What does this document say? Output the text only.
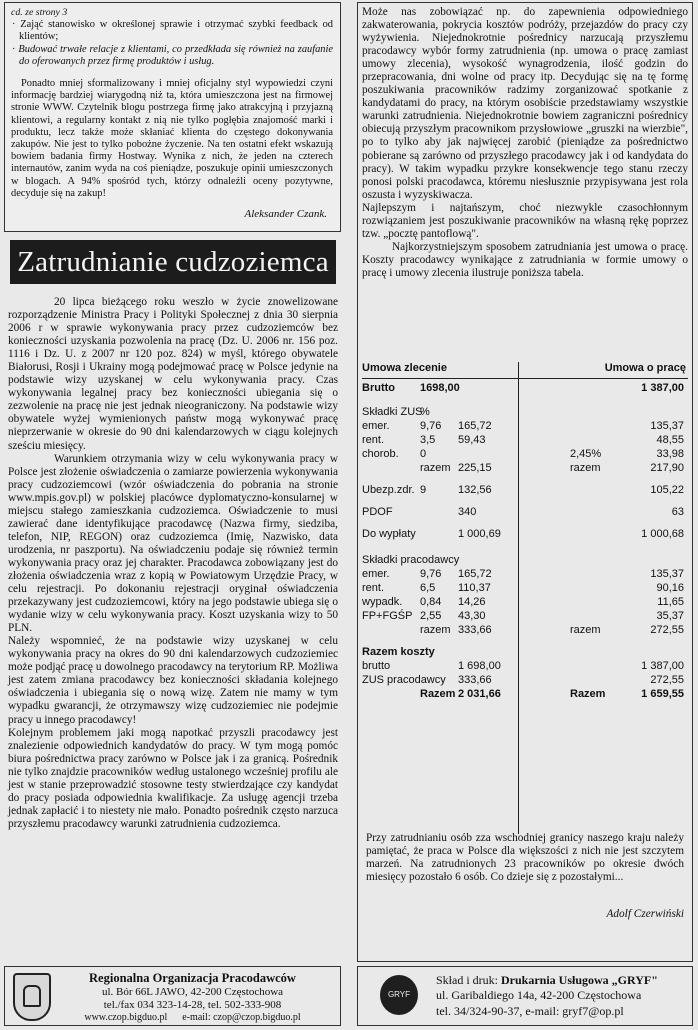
cd. ze strony 3

· Zająć stanowisko w określonej sprawie i otrzymać szybki feedback od klientów;

· Budować trwałe relacje z klientami, co przedkłada się również na zaufanie do oferowanych przez firmę produktów i usług.

Ponadto mniej sformalizowany i mniej oficjalny styl wypowiedzi czyni informację bardziej wiarygodną niż ta, która umieszczona jest na firmowej stronie WWW. Czytelnik blogu postrzega firmę jako atrakcyjną i przyjazną klientowi, a regularny kontakt z nią nie tylko pogłębia znajomość marki i produktu, lecz także może skłaniać klienta do częstego dokonywania zakupów. Nie jest to tylko pobożne życzenie. Na ten ostatni efekt wskazują bowiem badania firmy Hostway. Wynika z nich, że jeden na czterech internautów, zanim wyda na coś pieniądze, poszukuje opinii umieszczonych w blogach. A 94% spośród tych, którzy odnaleźli oceny pozytywne, decyduje się na zakup!

Aleksander Czank.

Zatrudnianie cudzoziemca

20 lipca bieżącego roku weszło w życie znowelizowane rozporządzenie Ministra Pracy i Polityki Społecznej z dnia 30 sierpnia 2006 r w sprawie wykonywania pracy przez cudzoziemców bez konieczności uzyskania pozwolenia na pracę (Dz. U. 2006 nr. 156 poz. 1116 i Dz. U. z 2007 nr 120 poz. 824) w myśl, którego obywatele Białorusi, Rosji i Ukrainy mogą podejmować pracę w Polsce jedynie na podstawie wizy uzyskanej w celu wykonywania pracy. Czas wykonywania legalnej pracy bez konieczności ubiegania się o zezwolenie na pracę nie jest jednak nieograniczony. Na podstawie wizy obywatele wyżej wymienionych państw mogą wykonywać pracę nieprzerwanie w okresie do 90 dni kalendarzowych w ciągu kolejnych sześciu miesięcy.

Warunkiem otrzymania wizy w celu wykonywania pracy w Polsce jest złożenie oświadczenia o zamiarze powierzenia wykonywania pracy cudzoziemcowi (wzór oświadczenia do pobrania na stronie www.mpis.gov.pl) w polskiej placówce dyplomatyczno-konsularnej w miejscu stałego zamieszkania cudzoziemca. Oświadczenie to musi zawierać dane identyfikujące pracodawcę (Nazwa firmy, siedziba, telefon, NIP, REGON) oraz cudzoziemca (Imię, Nazwisko, data urodzenia, nr paszportu). Na oświadczeniu podaje się również termin wykonywania pracy oraz jej charakter. Pracodawca zobowiązany jest do złożenia oświadczenia wraz z kopią w Powiatowym Urzędzie Pracy, w celu rejestracji. Po dokonaniu rejestracji oryginał oświadczenia przekazywany jest cudzoziemcowi, który na jego podstawie ubiega się o wydanie wizy w celu wykonywania pracy. Koszt uzyskania wizy to 50 PLN.

Należy wspomnieć, że na podstawie wizy uzyskanej w celu wykonywania pracy na okres do 90 dni kalendarzowych cudzoziemiec może podjąć pracę u dowolnego pracodawcy na terytorium RP. Możliwa jest zatem zmiana pracodawcy bez konieczności składania kolejnego oświadczenia i ubiegania się o nową wizę. Zatem nie mamy w tym wypadku gwarancji, że otrzymawszy wizę cudzoziemiec nie podejmie pracy u innego pracodawcy!

Kolejnym problemem jaki mogą napotkać przyszli pracodawcy jest znalezienie odpowiednich kandydatów do pracy. W tym mogą pomóc biura pośrednictwa pracy zarówno w Polsce jak i za granicą. Pośrednik nie tylko znajdzie pracowników według ustalonego wcześniej profilu ale jest w stanie przeprowadzić stosowne testy stwierdzające czy kandydat do pracy posiada odpowiednia kwalifikacje. Za usługę agencji trzeba jednak zapłacić i to niestety nie mało. Ponadto pośrednik często narzuca przyszłemu pracodawcy warunki zatrudnienia cudzoziemca.

Może nas zobowiązać np. do zapewnienia odpowiedniego zakwaterowania, pokrycia kosztów podróży, przejazdów do pracy czy wyżywienia. Niejednokrotnie pośrednicy narzucają przyszłemu pracodawcy wybór formy zatrudnienia (np. umowa o pracę zamiast umowy zlecenia), wysokość wynagrodzenia, ilość godzin do przepracowania, dni wolne od pracy itp. Decydując się na tę formę poszukiwania pracowników radzimy zorganizować spotkanie z kandydatami do pracy, na którym osobiście przedstawiamy wszystkie warunki zatrudnienia. Niejednokrotnie bowiem zagraniczni pośrednicy obiecują przyszłym pracownikom przysłowiowe „gruszki na wierzbie", po to tylko aby jak najwięcej zarobić (pieniądze za pośrednictwo pobierane są zarówno od przyszłego pracodawcy jak i od kandydata do pracy). W takim wypadku przykre konsekwencje tego stanu rzeczy ponosi polski pracodawca, któremu niesłusznie przypisywana jest rola oszusta i wyzyskiwacza.

Najlepszym i najtańszym, choć niezwykle czasochłonnym rozwiązaniem jest poszukiwanie pracowników na własną rękę poprzez tzw. „pocztę pantoflową".

Najkorzystniejszym sposobem zatrudniania jest umowa o pracę. Koszty pracodawcy wynikające z zatrudniania w formie umowy o pracę i umowy zlecenia ilustruje poniższa tabela.

Umowa zlecenie	Umowa o pracę
Brutto 1698,00	1 387,00
Składki ZUS
%
emer.	9,76 165,72	135,37
rent.	3,5 59,43	48,55
chorob. 0	2,45%	33,98
razem 225,15	razem	217,90
Ubezp.zdr. 9	132,56	105,22
PDOF	340	63
Do wypłaty	1 000,69	1 000,68
Składki pracodawcy
emer.	9,76 165,72	135,37
rent.	6,5 110,37	90,16
wypadk. 0,84 14,26	11,65
FP+FGŚP 2,55 43,30	35,37
razem 333,66	razem	272,55
Razem koszty
brutto	1 698,00	1 387,00
ZUS pracodawcy 333,66	272,55
Razem 2 031,66	Razem	1 659,55
Przy zatrudnianiu osób zza wschodniej granicy naszego kraju należy pamiętać, że praca w Polsce dla większości z nich nie jest szczytem marzeń. Na zatrudnionych 23 pracowników po okresie dwóch miesięcy pozostało 6 osób. Co dzieje się z pozostałymi...
Adolf Czerwiński
Regionalna Organizacja Pracodawców
ul. Bór 66L JAWO, 42-200 Częstochowa
tel./fax 034 323-14-28, tel. 502-333-908
www.czop.bigduo.pl      e-mail: czop@czop.bigduo.pl
GRYF
Skład i druk: Drukarnia Usługowa „GRYF"
ul. Garibaldiego 14a, 42-200 Częstochowa
tel. 34/324-90-37, e-mail: gryf7@op.pl
